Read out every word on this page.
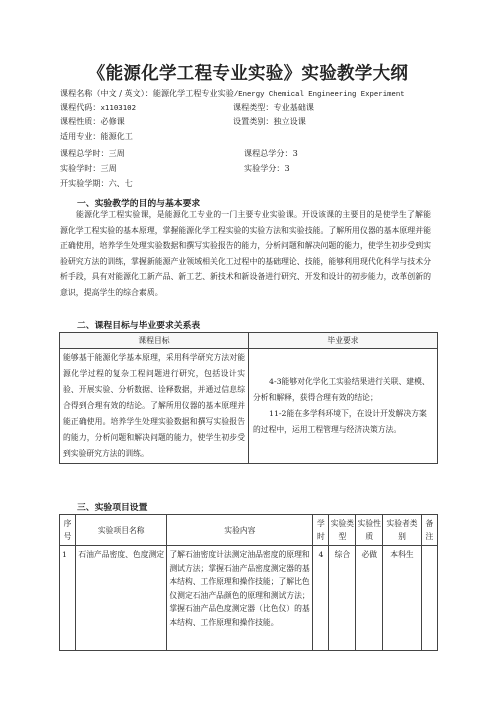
《能源化学工程专业实验》实验教学大纲
课程名称（中文 / 英文）：能源化学工程专业实验/Energy Chemical Engineering Experiment
课程代码：x1103102	课程类型：专业基础课
课程性质：必修课	设置类别：独立设课
适用专业：能源化工
课程总学时：三周	课程总学分：3
实验学时：三周	实验学分：3
开实验学期：六、七
一、实验教学的目的与基本要求
能源化学工程实验课，是能源化工专业的一门主要专业实验课。开设该课的主要目的是使学生了解能源化学工程实验的基本原理，掌握能源化学工程实验的实验方法和实验技能。了解所用仪器的基本原理并能正确使用，培养学生处理实验数据和撰写实验报告的能力，分析问题和解决问题的能力，使学生初步受到实验研究方法的训练，掌握新能源产业领域相关化工过程中的基础理论、技能，能够利用现代化科学与技术分析手段，具有对能源化工新产品、新工艺、新技术和新设备进行研究、开发和设计的初步能力，改革创新的意识，提高学生的综合素质。
二、课程目标与毕业要求关系表
课程目标	毕业要求
能够基于能源化学基本原理，采用科学研究方法对能源化学过程的复杂工程问题进行研究，包括设计实验、开展实验、分析数据、诠释数据，并通过信息综合得到合理有效的结论。了解所用仪器的基本原理并能正确使用。培养学生处理实验数据和撰写实验报告的能力，分析问题和解决问题的能力，使学生初步受到实验研究方法的训练。	4-3能够对化学化工实验结果进行关联、建模、分析和解释，获得合理有效的结论；
11-2能在多学科环境下，在设计开发解决方案的过程中，运用工程管理与经济决策方法。
三、实验项目设置
序号	实验项目名称	实验内容	学时	实验类型	实验性质	实验者类别	备注
1	石油产品密度、色度测定	了解石油密度计法测定油品密度的原理和测试方法；掌握石油产品密度测定器的基本结构、工作原理和操作技能；了解比色仪测定石油产品颜色的原理和测试方法；掌握石油产品色度测定器（比色仪）的基本结构、工作原理和操作技能。	4	综合	必做	本科生	
